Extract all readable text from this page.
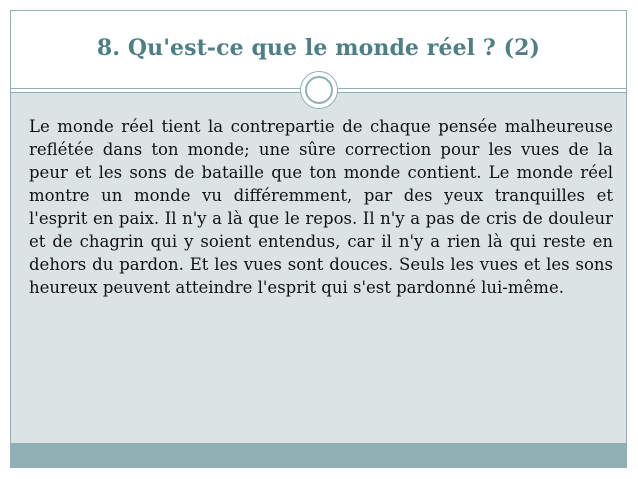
8. Qu'est-ce que le monde réel ? (2)

Le monde réel tient la contrepartie de chaque pensée malheureuse reflétée dans ton monde; une sûre correction pour les vues de la peur et les sons de bataille que ton monde contient. Le monde réel montre un monde vu différemment, par des yeux tranquilles et l'esprit en paix. Il n'y a là que le repos. Il n'y a pas de cris de douleur et de chagrin qui y soient entendus, car il n'y a rien là qui reste en dehors du pardon. Et les vues sont douces. Seuls les vues et les sons heureux peuvent atteindre l'esprit qui s'est pardonné lui-même.
